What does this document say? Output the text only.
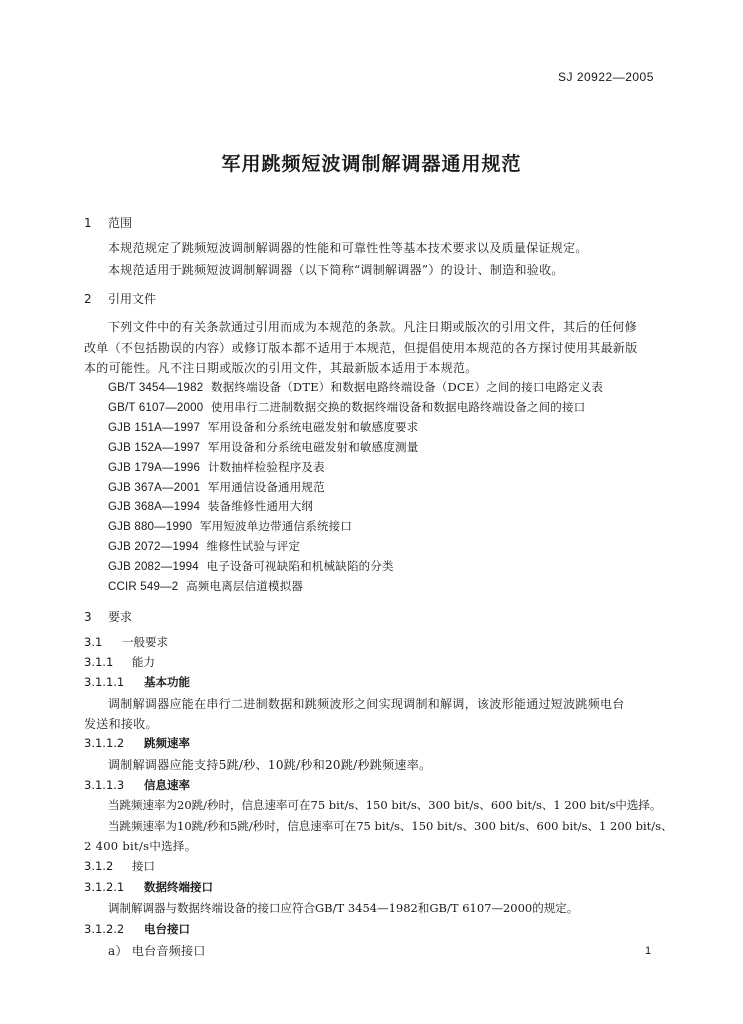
SJ 20922—2005
军用跳频短波调制解调器通用规范
1 范围
本规范规定了跳频短波调制解调器的性能和可靠性性等基本技术要求以及质量保证规定。
本规范适用于跳频短波调制解调器（以下简称“调制解调器”）的设计、制造和验收。
2 引用文件
下列文件中的有关条款通过引用而成为本规范的条款。凡注日期或版次的引用文件，其后的任何修
改单（不包括勘误的内容）或修订版本都不适用于本规范，但提倡使用本规范的各方探讨使用其最新版
本的可能性。凡不注日期或版次的引用文件，其最新版本适用于本规范。
GB/T 3454—1982 数据终端设备（DTE）和数据电路终端设备（DCE）之间的接口电路定义表
GB/T 6107—2000 使用串行二进制数据交换的数据终端设备和数据电路终端设备之间的接口
GJB 151A—1997 军用设备和分系统电磁发射和敏感度要求
GJB 152A—1997 军用设备和分系统电磁发射和敏感度测量
GJB 179A—1996 计数抽样检验程序及表
GJB 367A—2001 军用通信设备通用规范
GJB 368A—1994 装备维修性通用大纲
GJB 880—1990 军用短波单边带通信系统接口
GJB 2072—1994 维修性试验与评定
GJB 2082—1994 电子设备可视缺陷和机械缺陷的分类
CCIR 549—2 高频电离层信道模拟器
3 要求
3.1 一般要求
3.1.1 能力
3.1.1.1 基本功能
调制解调器应能在串行二进制数据和跳频波形之间实现调制和解调，该波形能通过短波跳频电台
发送和接收。
3.1.1.2 跳频速率
调制解调器应能支持5跳/秒、10跳/秒和20跳/秒跳频速率。
3.1.1.3 信息速率
当跳频速率为20跳/秒时，信息速率可在75 bit/s、150 bit/s、300 bit/s、600 bit/s、1 200 bit/s中选择。
当跳频速率为10跳/秒和5跳/秒时，信息速率可在75 bit/s、150 bit/s、300 bit/s、600 bit/s、1 200 bit/s、
2 400 bit/s中选择。
3.1.2 接口
3.1.2.1 数据终端接口
调制解调器与数据终端设备的接口应符合GB/T 3454—1982和GB/T 6107—2000的规定。
3.1.2.2 电台接口
a） 电台音频接口	1
